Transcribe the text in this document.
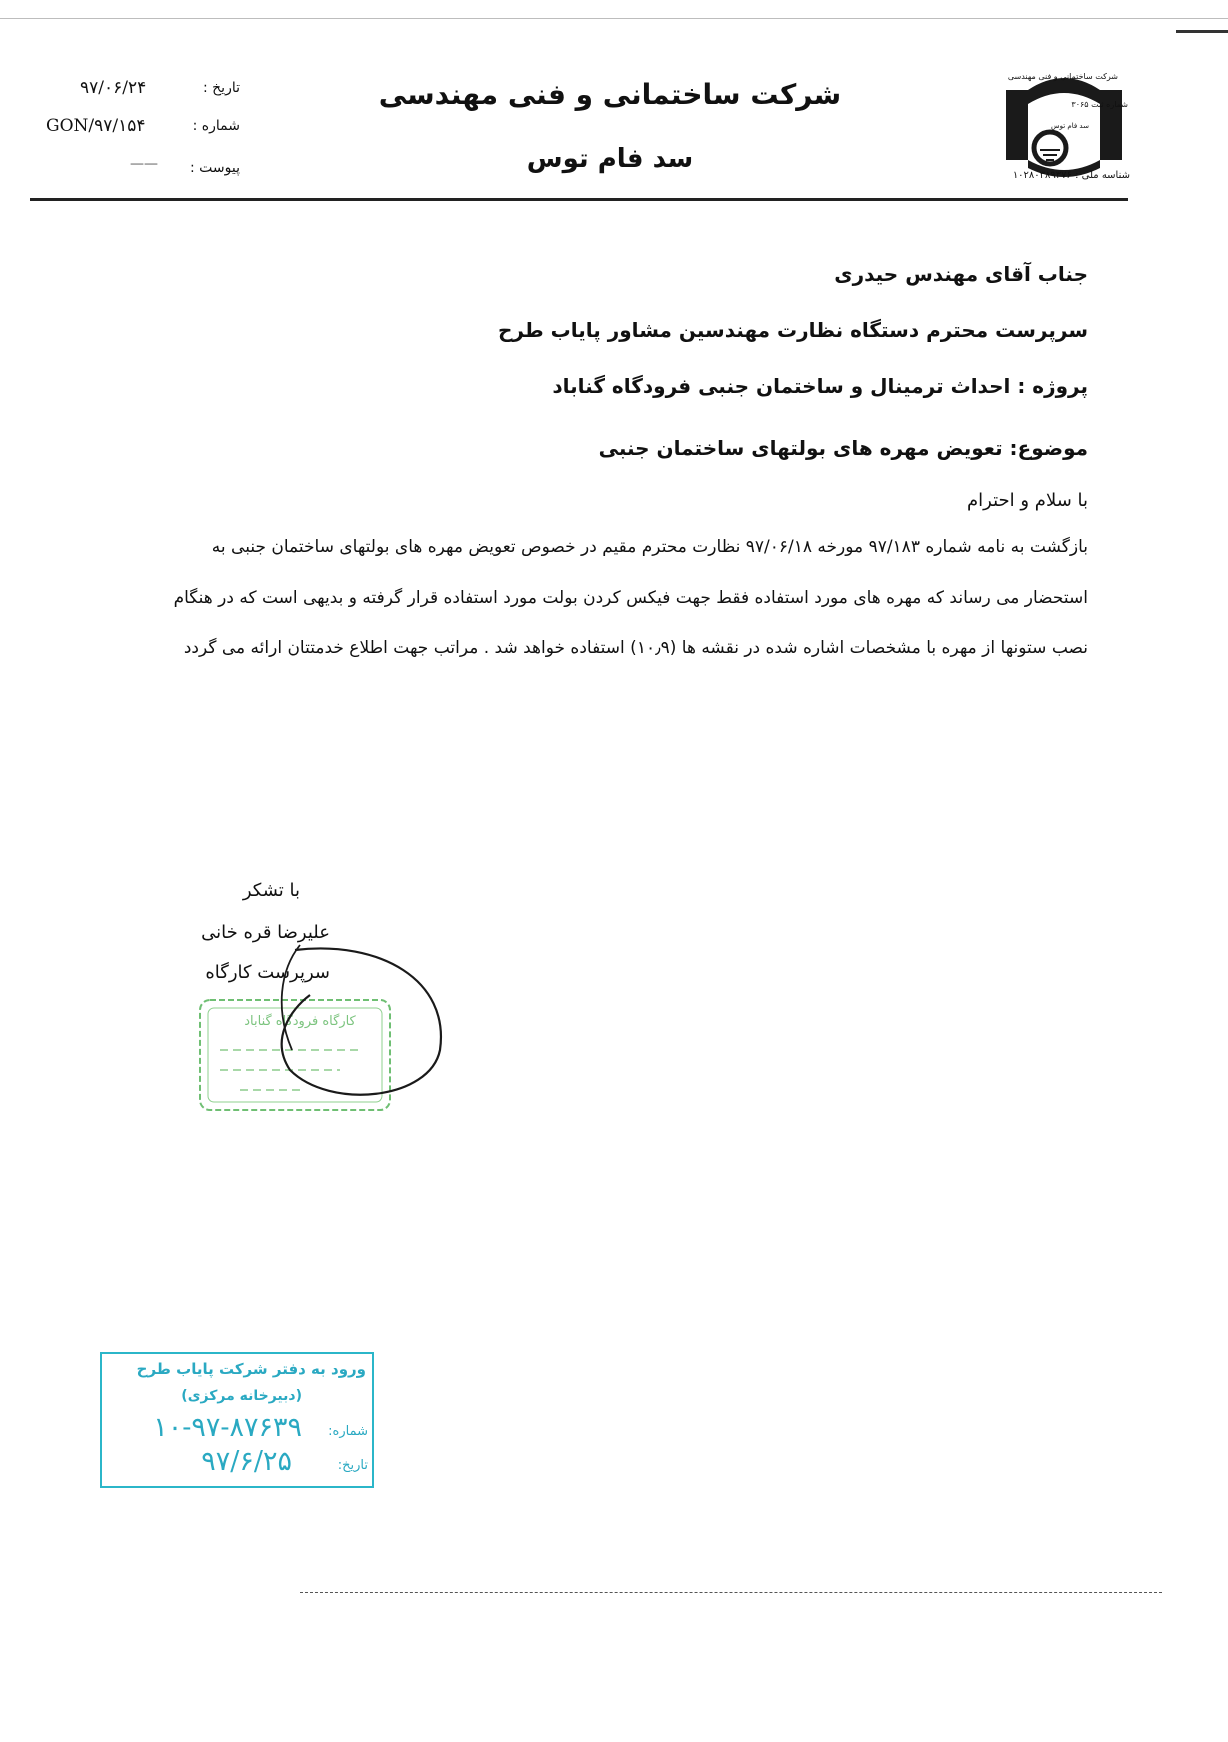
شرکت ساختمانی و فنی مهندسی
سد فام توس
تاریخ :
۹۷/۰۶/۲۴
شماره :
GON/۹۷/۱۵۴
پیوست :
——
شرکت ساختمانی و فنی مهندسی
شماره ثبت ۳۰۶۵
سد فام توس
شناسه ملی : ۱۰۲۸۰۳۸۹۳۷۶
جناب آقای مهندس حیدری
سرپرست محترم دستگاه نظارت مهندسین مشاور پایاب طرح
پروژه : احداث ترمینال و ساختمان جنبی فرودگاه گناباد
موضوع: تعویض مهره های بولتهای ساختمان جنبی
با سلام و احترام
بازگشت به نامه شماره ۹۷/۱۸۳ مورخه ۹۷/۰۶/۱۸ نظارت محترم مقیم در خصوص تعویض مهره های بولتهای ساختمان جنبی به
استحضار می رساند که مهره های مورد استفاده فقط جهت فیکس کردن بولت مورد استفاده قرار گرفته و بدیهی است که در هنگام
نصب ستونها از مهره با مشخصات اشاره شده در نقشه ها (۱۰٫۹) استفاده خواهد شد . مراتب جهت اطلاع خدمتتان ارائه می گردد
با تشکر
علیرضا قره خانی
سرپرست کارگاه
کارگاه فرودگاه گناباد
ورود به دفتر شرکت پایاب طرح
(دبیرخانه مرکزی)
شماره:
۱۰-۹۷-۸۷۶۳۹
تاریخ:
۹۷/۶/۲۵
